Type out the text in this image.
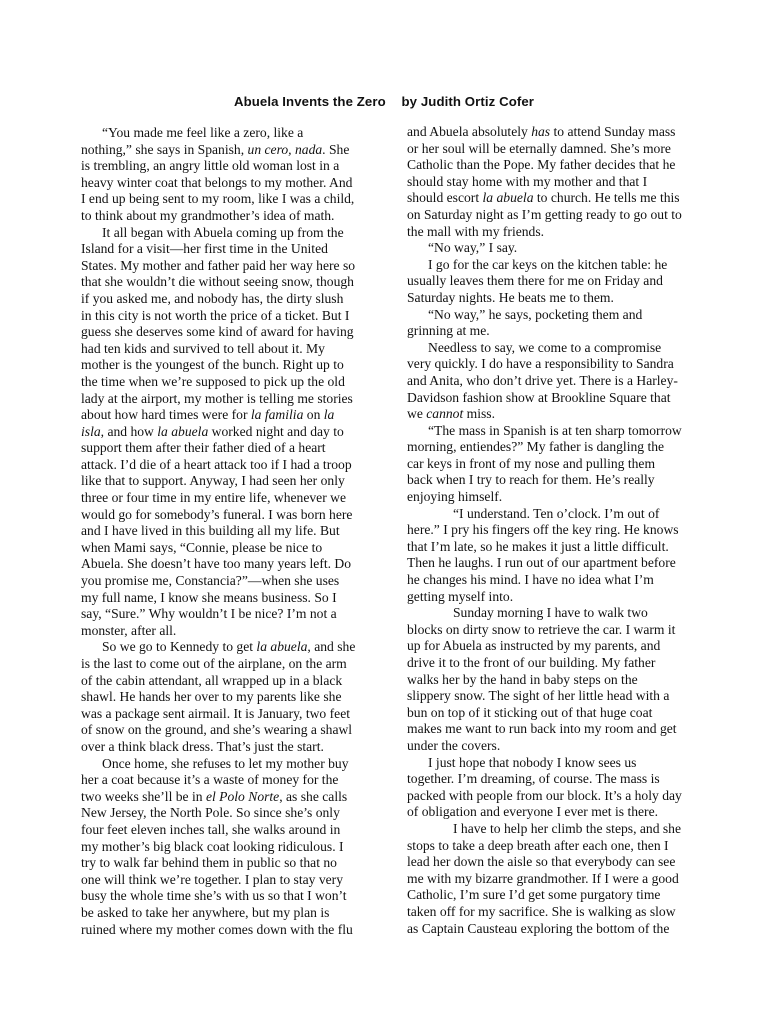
Abuela Invents the Zero by Judith Ortiz Cofer

“You made me feel like a zero, like a nothing,” she says in Spanish, un cero, nada. She is trembling, an angry little old woman lost in a heavy winter coat that belongs to my mother. And I end up being sent to my room, like I was a child, to think about my grandmother’s idea of math.

It all began with Abuela coming up from the Island for a visit—her first time in the United States. My mother and father paid her way here so that she wouldn’t die without seeing snow, though if you asked me, and nobody has, the dirty slush in this city is not worth the price of a ticket. But I guess she deserves some kind of award for having had ten kids and survived to tell about it. My mother is the youngest of the bunch. Right up to the time when we’re supposed to pick up the old lady at the airport, my mother is telling me stories about how hard times were for la familia on la isla, and how la abuela worked night and day to support them after their father died of a heart attack. I’d die of a heart attack too if I had a troop like that to support. Anyway, I had seen her only three or four time in my entire life, whenever we would go for somebody’s funeral. I was born here and I have lived in this building all my life. But when Mami says, “Connie, please be nice to Abuela. She doesn’t have too many years left. Do you promise me, Constancia?”—when she uses my full name, I know she means business. So I say, “Sure.” Why wouldn’t I be nice? I’m not a monster, after all.

So we go to Kennedy to get la abuela, and she is the last to come out of the airplane, on the arm of the cabin attendant, all wrapped up in a black shawl. He hands her over to my parents like she was a package sent airmail. It is January, two feet of snow on the ground, and she’s wearing a shawl over a think black dress. That’s just the start.

Once home, she refuses to let my mother buy her a coat because it’s a waste of money for the two weeks she’ll be in el Polo Norte, as she calls New Jersey, the North Pole. So since she’s only four feet eleven inches tall, she walks around in my mother’s big black coat looking ridiculous. I try to walk far behind them in public so that no one will think we’re together. I plan to stay very busy the whole time she’s with us so that I won’t be asked to take her anywhere, but my plan is ruined where my mother comes down with the flu

and Abuela absolutely has to attend Sunday mass or her soul will be eternally damned. She’s more Catholic than the Pope. My father decides that he should stay home with my mother and that I should escort la abuela to church. He tells me this on Saturday night as I’m getting ready to go out to the mall with my friends.

“No way,” I say.

I go for the car keys on the kitchen table: he usually leaves them there for me on Friday and Saturday nights. He beats me to them.

“No way,” he says, pocketing them and grinning at me.

Needless to say, we come to a compromise very quickly. I do have a responsibility to Sandra and Anita, who don’t drive yet. There is a Harley-Davidson fashion show at Brookline Square that we cannot miss.

“The mass in Spanish is at ten sharp tomorrow morning, entiendes?” My father is dangling the car keys in front of my nose and pulling them back when I try to reach for them. He’s really enjoying himself.

“I understand. Ten o’clock. I’m out of here.” I pry his fingers off the key ring. He knows that I’m late, so he makes it just a little difficult. Then he laughs. I run out of our apartment before he changes his mind. I have no idea what I’m getting myself into.

Sunday morning I have to walk two blocks on dirty snow to retrieve the car. I warm it up for Abuela as instructed by my parents, and drive it to the front of our building. My father walks her by the hand in baby steps on the slippery snow. The sight of her little head with a bun on top of it sticking out of that huge coat makes me want to run back into my room and get under the covers.

I just hope that nobody I know sees us together. I’m dreaming, of course. The mass is packed with people from our block. It’s a holy day of obligation and everyone I ever met is there.

I have to help her climb the steps, and she stops to take a deep breath after each one, then I lead her down the aisle so that everybody can see me with my bizarre grandmother. If I were a good Catholic, I’m sure I’d get some purgatory time taken off for my sacrifice. She is walking as slow as Captain Causteau exploring the bottom of the
